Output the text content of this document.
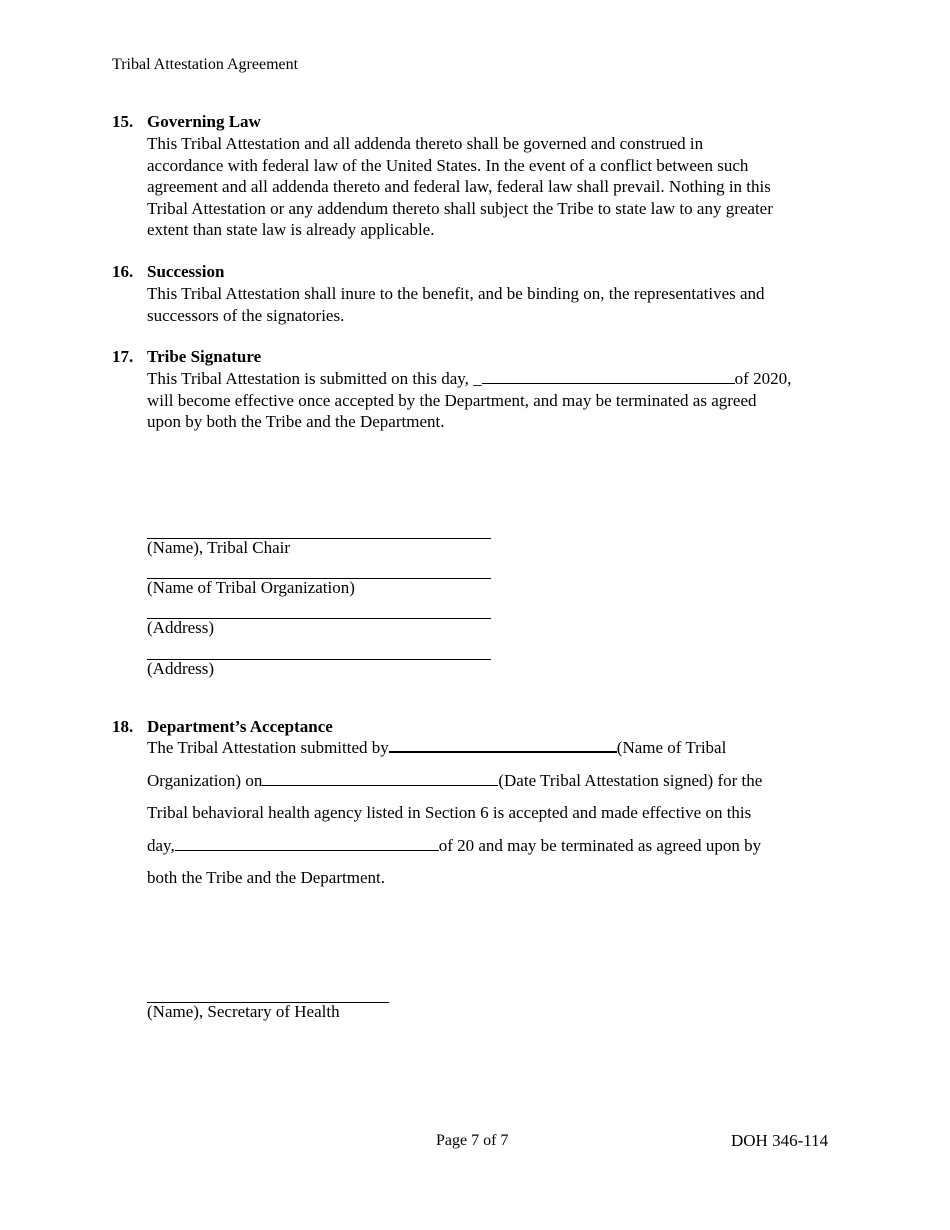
Tribal Attestation Agreement
15. Governing Law
This Tribal Attestation and all addenda thereto shall be governed and construed in
accordance with federal law of the United States. In the event of a conflict between such
agreement and all addenda thereto and federal law, federal law shall prevail. Nothing in this
Tribal Attestation or any addendum thereto shall subject the Tribe to state law to any greater
extent than state law is already applicable.
16. Succession
This Tribal Attestation shall inure to the benefit, and be binding on, the representatives and
successors of the signatories.
17. Tribe Signature
This Tribal Attestation is submitted on this day, _	of 2020,
will become effective once accepted by the Department, and may be terminated as agreed
upon by both the Tribe and the Department.
(Name), Tribal Chair
(Name of Tribal Organization)
(Address)
(Address)
18. Department’s Acceptance
The Tribal Attestation submitted by	(Name of Tribal
Organization) on	(Date Tribal Attestation signed) for the
Tribal behavioral health agency listed in Section 6 is accepted and made effective on this
day,	of 20 and may be terminated as agreed upon by
both the Tribe and the Department.
(Name), Secretary of Health
Page 7 of 7	DOH 346-114
